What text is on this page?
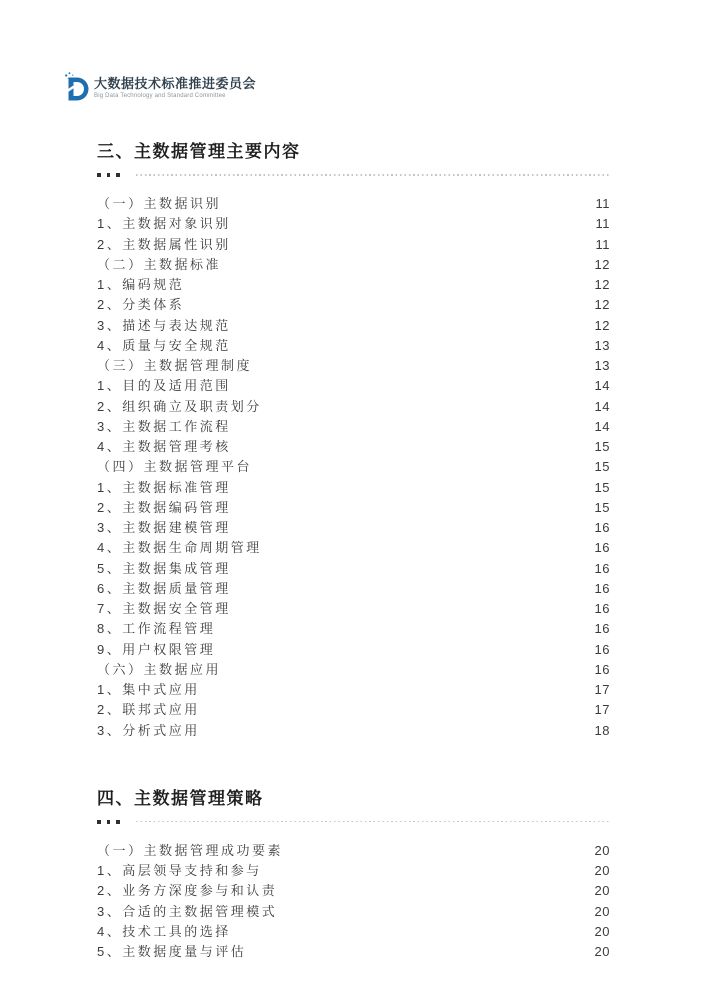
大数据技术标准推进委员会
Big Data Technology and Standard Committee
三、主数据管理主要内容
（一）主数据识别	11
1、主数据对象识别	11
2、主数据属性识别	11
（二）主数据标准	12
1、编码规范	12
2、分类体系	12
3、描述与表达规范	12
4、质量与安全规范	13
（三）主数据管理制度	13
1、目的及适用范围	14
2、组织确立及职责划分	14
3、主数据工作流程	14
4、主数据管理考核	15
（四）主数据管理平台	15
1、主数据标准管理	15
2、主数据编码管理	15
3、主数据建模管理	16
4、主数据生命周期管理	16
5、主数据集成管理	16
6、主数据质量管理	16
7、主数据安全管理	16
8、工作流程管理	16
9、用户权限管理	16
（六）主数据应用	16
1、集中式应用	17
2、联邦式应用	17
3、分析式应用	18
四、主数据管理策略
（一）主数据管理成功要素	20
1、高层领导支持和参与	20
2、业务方深度参与和认责	20
3、合适的主数据管理模式	20
4、技术工具的选择	20
5、主数据度量与评估	20
